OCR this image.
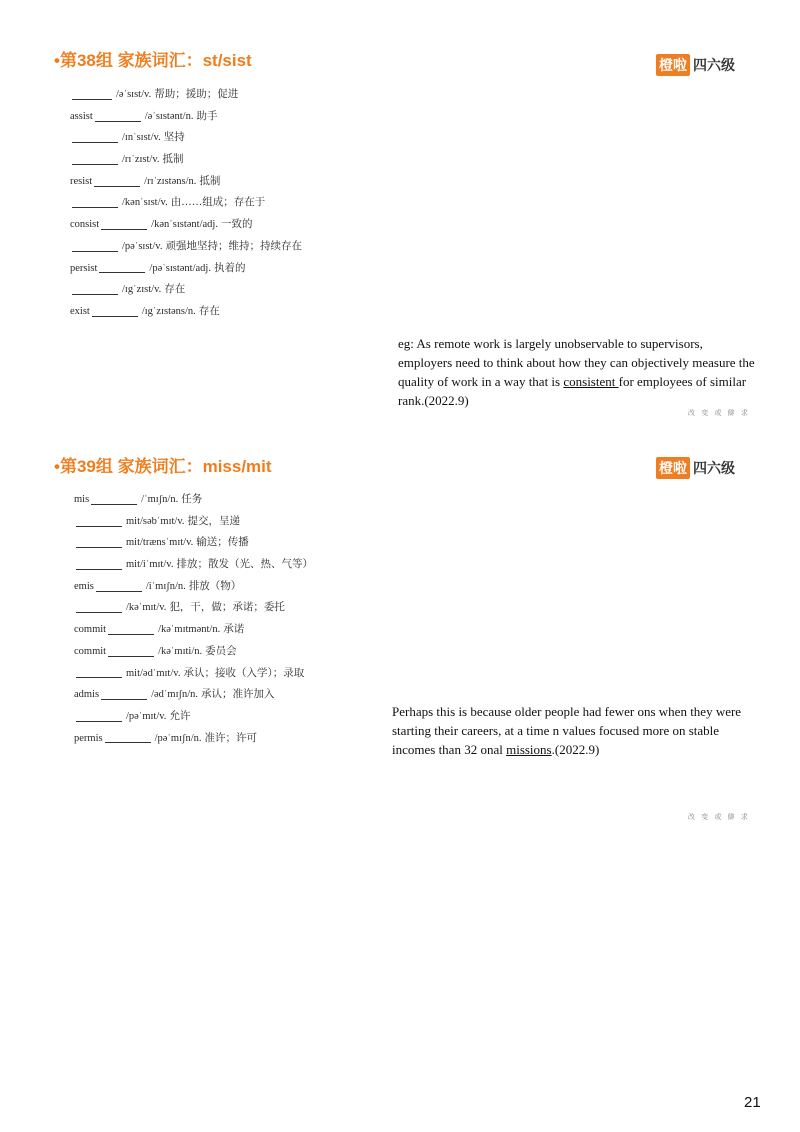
•第38组 家族词汇：st/sist	橙啦 四六级
/əˈsɪst/v. 帮助；援助；促进
assist	/əˈsɪstənt/n. 助手
/ɪnˈsɪst/v. 坚持
/rɪˈzɪst/v. 抵制
resist	/rɪˈzɪstəns/n. 抵制
/kənˈsɪst/v. 由……组成；存在于
consist	/kənˈsɪstənt/adj. 一致的
/pəˈsɪst/v. 顽强地坚持；维持；持续存在
persist	/pəˈsɪstənt/adj. 执着的
/ɪgˈzɪst/v. 存在
exist	/ɪgˈzɪstəns/n. 存在
eg: As remote work is largely unobservable to supervisors, employers need to think about how they can objectively measure the quality of work in a way that is consistent for employees of similar rank.(2022.9)
改 变 或 僻 求
•第39组 家族词汇：miss/mit	橙啦 四六级
mis	/ˈmɪʃn/n. 任务
mit/səbˈmɪt/v. 提交，呈递
mit/trænsˈmɪt/v. 输送；传播
mit/iˈmɪt/v. 排放；散发（光、热、气等）
emis	/iˈmɪʃn/n. 排放（物）
/kəˈmɪt/v. 犯，干，做；承诺；委托
commit	/kəˈmɪtmənt/n. 承诺
commit	/kəˈmɪti/n. 委员会
mit/ədˈmɪt/v. 承认；接收（入学）；录取
admis	/ədˈmɪʃn/n. 承认；准许加入
/pəˈmɪt/v. 允许
permis	/pəˈmɪʃn/n. 准许；许可
Perhaps this is because older people had fewer ons when they were starting their careers, at a time n values focused more on stable incomes than 32 onal missions.(2022.9)
改 变 或 僻 求
21
